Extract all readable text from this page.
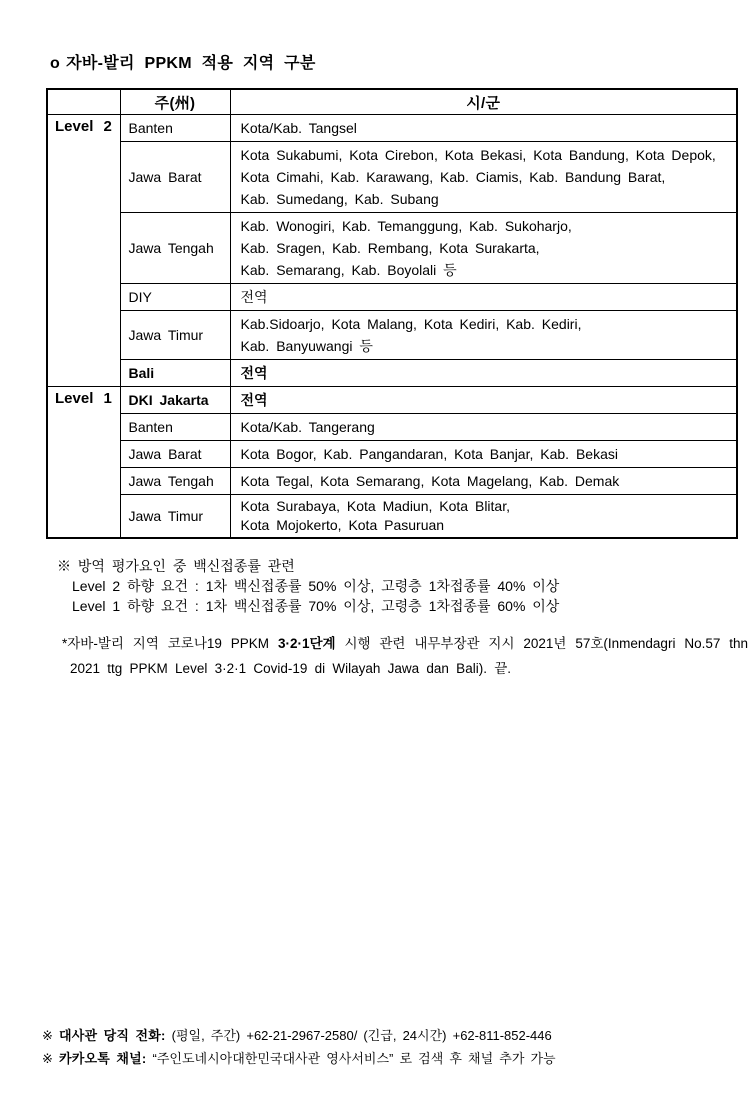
o 자바-발리 PPKM 적용 지역 구분
	주(州)	시/군
Level 2	Banten	Kota/Kab. Tangsel

	Jawa Barat	Kota Sukabumi, Kota Cirebon, Kota Bekasi, Kota Bandung, Kota Depok,
Kota Cimahi, Kab. Karawang, Kab. Ciamis, Kab. Bandung Barat,
Kab. Sumedang, Kab. Subang

	Jawa Tengah	Kab. Wonogiri, Kab. Temanggung, Kab. Sukoharjo,
Kab. Sragen, Kab. Rembang, Kota Surakarta,
Kab. Semarang, Kab. Boyolali 등

	DIY	전역

	Jawa Timur	Kab.Sidoarjo, Kota Malang, Kota Kediri, Kab. Kediri,
Kab. Banyuwangi 등

	Bali	전역

Level 1	DKI Jakarta	전역

	Banten	Kota/Kab. Tangerang

	Jawa Barat	Kota Bogor, Kab. Pangandaran, Kota Banjar, Kab. Bekasi

	Jawa Tengah	Kota Tegal, Kota Semarang, Kota Magelang, Kab. Demak

	Jawa Timur	Kota Surabaya, Kota Madiun, Kota Blitar,
Kota Mojokerto, Kota Pasuruan
※ 방역 평가요인 중 백신접종률 관련
Level 2 하향 요건 : 1차 백신접종률 50% 이상, 고령층 1차접종률 40% 이상
Level 1 하향 요건 : 1차 백신접종률 70% 이상, 고령층 1차접종률 60% 이상
*자바-발리 지역 코로나19 PPKM 3·2·1단계 시행 관련 내무부장관 지시 2021년 57호(Inmendagri No.57 thn 2021 ttg PPKM Level 3·2·1 Covid-19 di Wilayah Jawa dan Bali). 끝.
※ 대사관 당직 전화: (평일, 주간) +62-21-2967-2580/ (긴급, 24시간) +62-811-852-446
※ 카카오톡 채널: “주인도네시아대한민국대사관 영사서비스” 로 검색 후 채널 추가 가능
